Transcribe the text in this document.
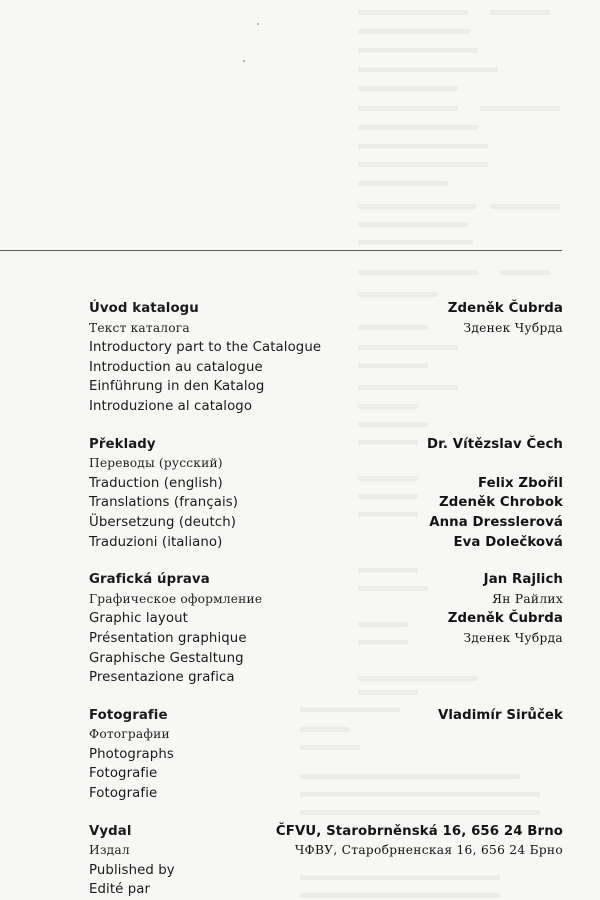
Úvod katalogu
Текст каталога
Introductory part to the Catalogue
Introduction au catalogue
Einführung in den Katalog
Introduzione al catalogo
Zdeněk Čubrda
Зденек Чубрда
Překlady
Переводы (русский)
Traduction (english)
Translations (français)
Übersetzung (deutch)
Traduzioni (italiano)
Dr. Vítězslav Čech
Felix Zbořil
Zdeněk Chrobok
Anna Dresslerová
Eva Dolečková
Grafická úprava
Графическое оформление
Graphic layout
Présentation graphique
Graphische Gestaltung
Presentazione grafica
Jan Rajlich
Ян Райлих
Zdeněk Čubrda
Зденек Чубрда
Fotografie
Фотографии
Photographs
Fotografie
Fotografie
Vladimír Sirůček
Vydal
Издал
Published by
Edité par
ČFVU, Starobrněnská 16, 656 24 Brno
ЧФВУ, Старобрненская 16, 656 24 Брно
